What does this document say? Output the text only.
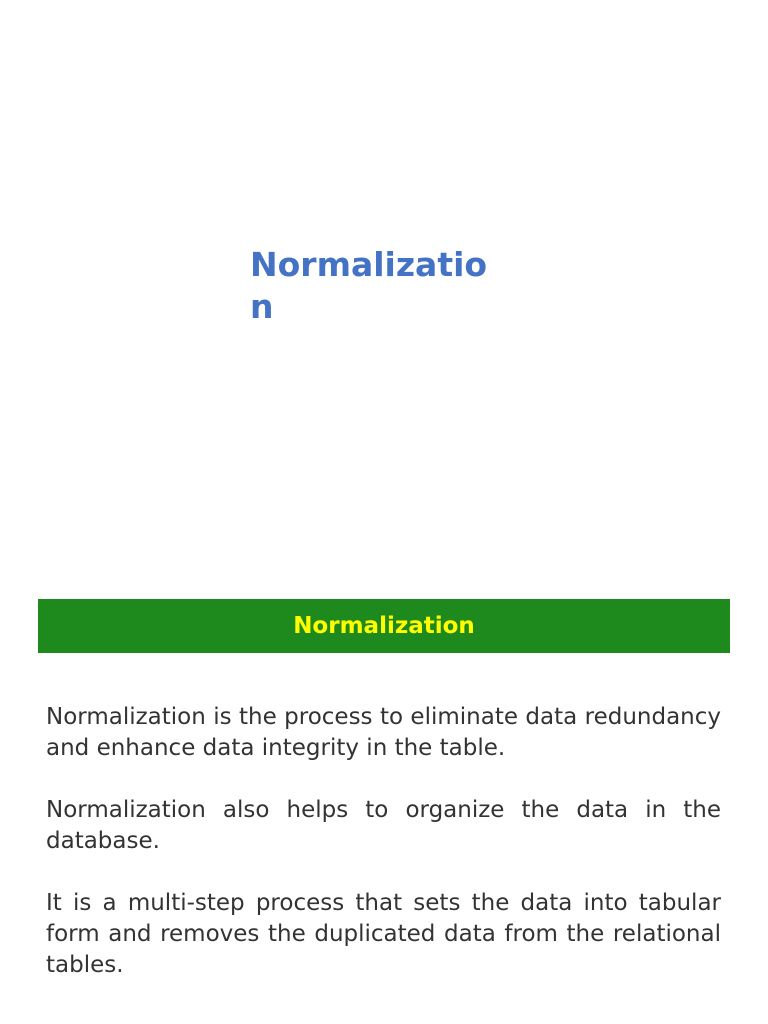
Normalization
Normalization

Normalization is the process to eliminate data redundancy and enhance data integrity in the table.

Normalization also helps to organize the data in the database.

It is a multi-step process that sets the data into tabular form and removes the duplicated data from the relational tables.
